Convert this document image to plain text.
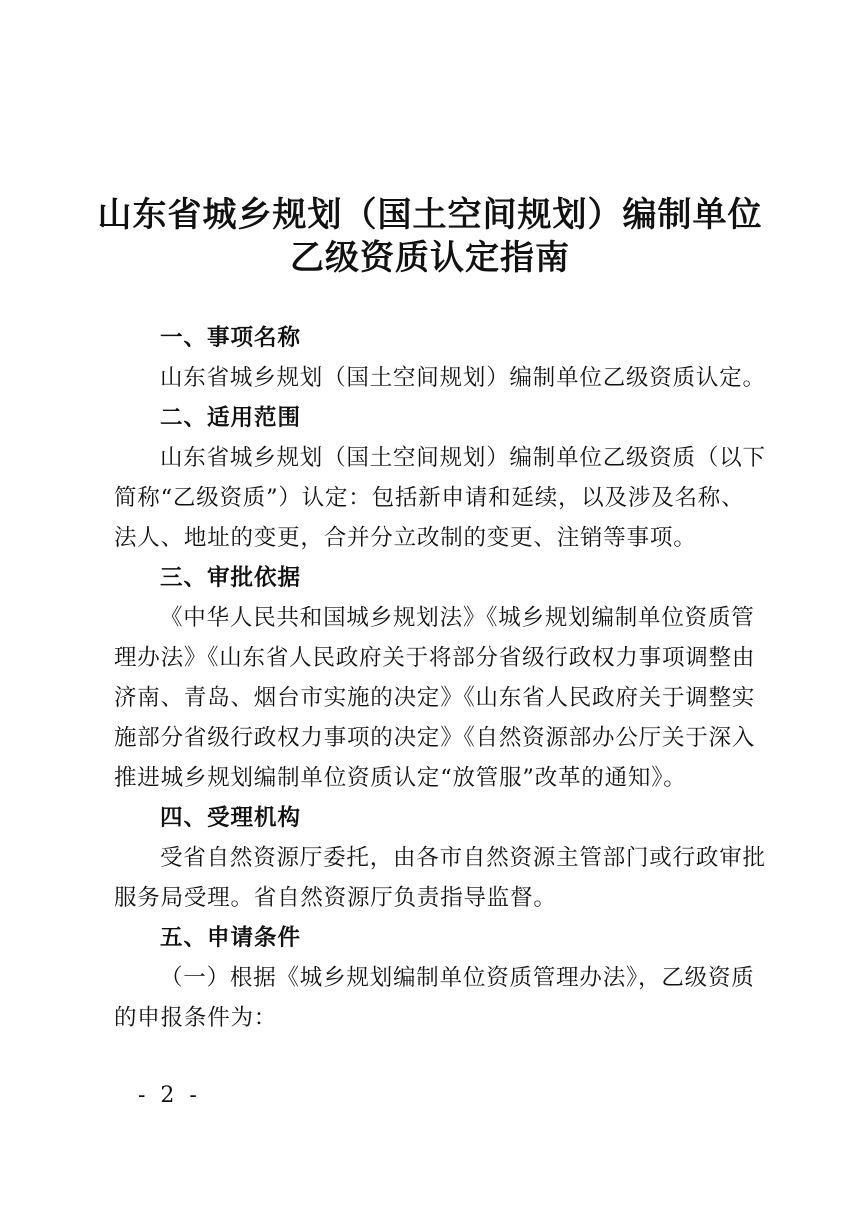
山东省城乡规划（国土空间规划）编制单位
乙级资质认定指南
一、事项名称
山东省城乡规划（国土空间规划）编制单位乙级资质认定。
二、适用范围
山东省城乡规划（国土空间规划）编制单位乙级资质（以下
简称“乙级资质”）认定：包括新申请和延续，以及涉及名称、
法人、地址的变更，合并分立改制的变更、注销等事项。
三、审批依据
《中华人民共和国城乡规划法》《城乡规划编制单位资质管
理办法》《山东省人民政府关于将部分省级行政权力事项调整由
济南、青岛、烟台市实施的决定》《山东省人民政府关于调整实
施部分省级行政权力事项的决定》《自然资源部办公厅关于深入
推进城乡规划编制单位资质认定“放管服”改革的通知》。
四、受理机构
受省自然资源厅委托，由各市自然资源主管部门或行政审批
服务局受理。省自然资源厅负责指导监督。
五、申请条件
（一）根据《城乡规划编制单位资质管理办法》，乙级资质
的申报条件为：
- 2 -
